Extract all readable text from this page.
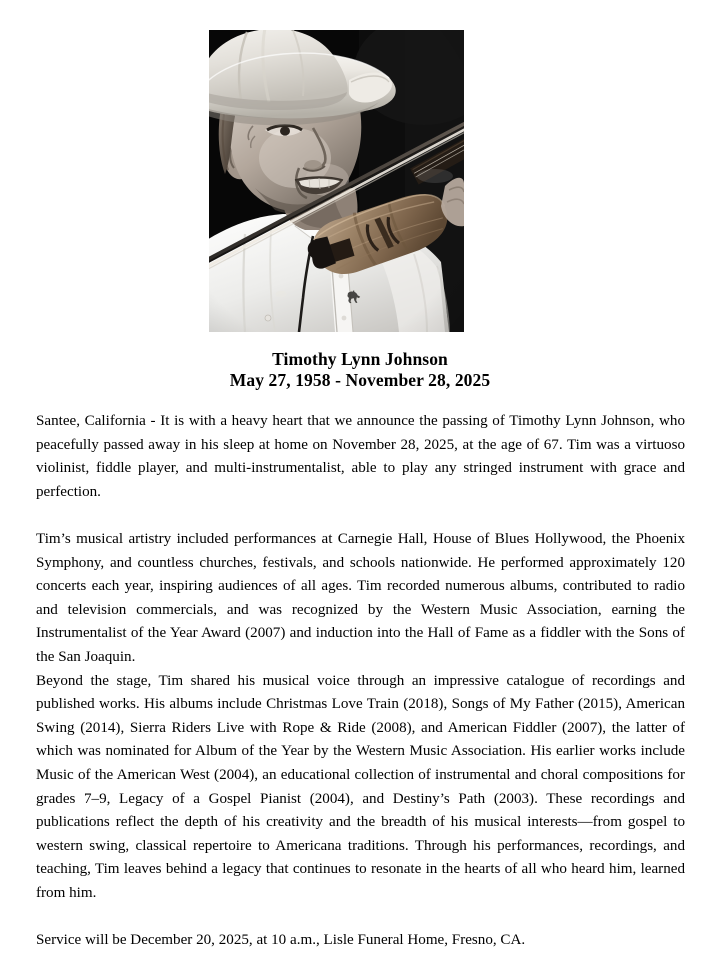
Timothy Lynn Johnson
May 27, 1958 - November 28, 2025

Santee, California - It is with a heavy heart that we announce the passing of Timothy Lynn Johnson, who peacefully passed away in his sleep at home on November 28, 2025, at the age of 67. Tim was a virtuoso violinist, fiddle player, and multi-instrumentalist, able to play any stringed instrument with grace and perfection.

Tim’s musical artistry included performances at Carnegie Hall, House of Blues Hollywood, the Phoenix Symphony, and countless churches, festivals, and schools nationwide. He performed approximately 120 concerts each year, inspiring audiences of all ages. Tim recorded numerous albums, contributed to radio and television commercials, and was recognized by the Western Music Association, earning the Instrumentalist of the Year Award (2007) and induction into the Hall of Fame as a fiddler with the Sons of the San Joaquin.

Beyond the stage, Tim shared his musical voice through an impressive catalogue of recordings and published works. His albums include Christmas Love Train (2018), Songs of My Father (2015), American Swing (2014), Sierra Riders Live with Rope & Ride (2008), and American Fiddler (2007), the latter of which was nominated for Album of the Year by the Western Music Association. His earlier works include Music of the American West (2004), an educational collection of instrumental and choral compositions for grades 7–9, Legacy of a Gospel Pianist (2004), and Destiny’s Path (2003). These recordings and publications reflect the depth of his creativity and the breadth of his musical interests—from gospel to western swing, classical repertoire to Americana traditions. Through his performances, recordings, and teaching, Tim leaves behind a legacy that continues to resonate in the hearts of all who heard him, learned from him.

Service will be December 20, 2025, at 10 a.m., Lisle Funeral Home, Fresno, CA.
